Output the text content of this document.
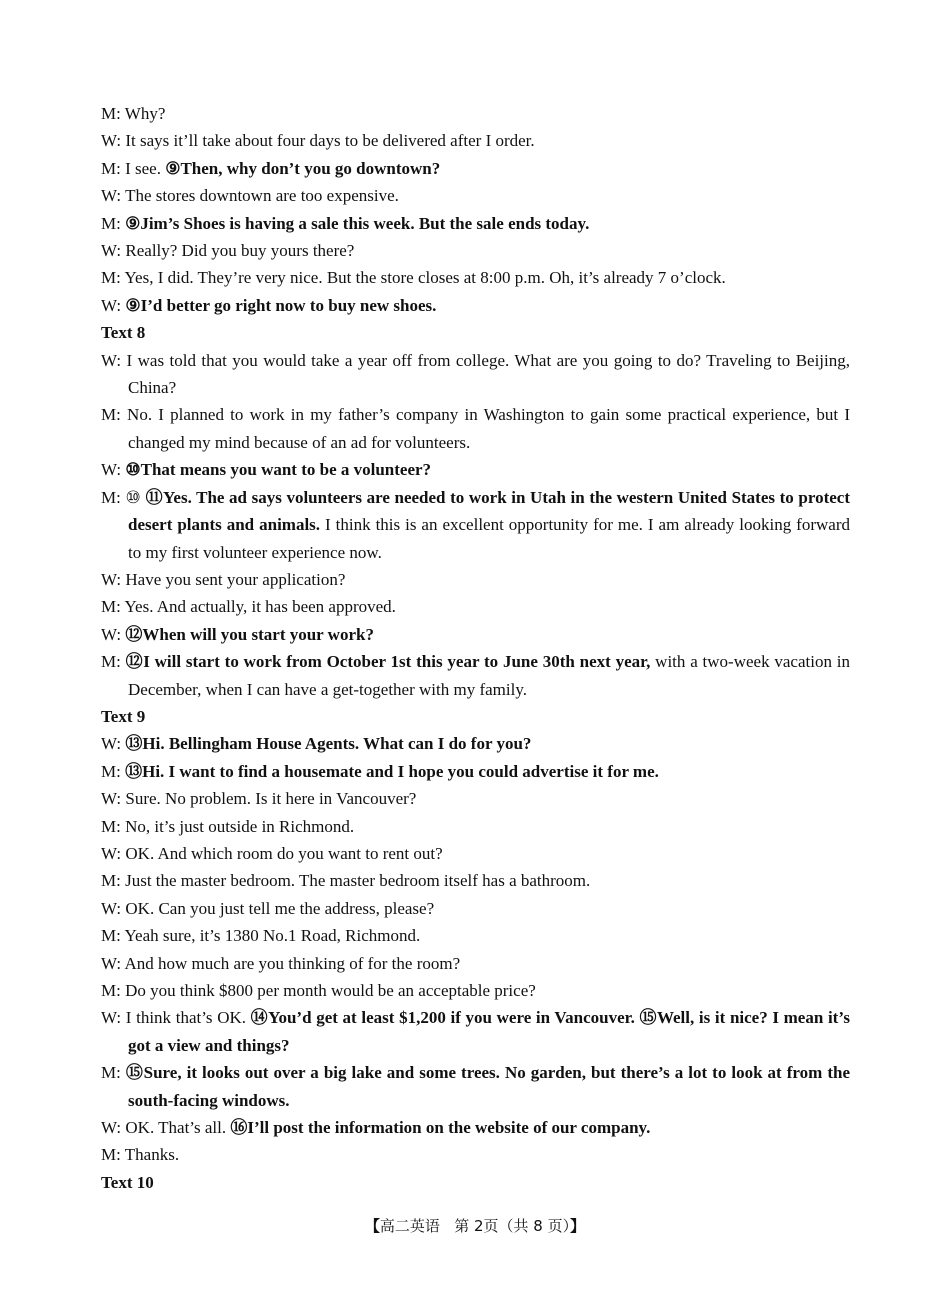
M: Why?
W: It says it’ll take about four days to be delivered after I order.
M: I see. ⑨Then, why don’t you go downtown?
W: The stores downtown are too expensive.
M: ⑨Jim’s Shoes is having a sale this week. But the sale ends today.
W: Really? Did you buy yours there?
M: Yes, I did. They’re very nice. But the store closes at 8:00 p.m. Oh, it’s already 7 o’clock.
W: ⑨I’d better go right now to buy new shoes.
Text 8
W: I was told that you would take a year off from college. What are you going to do? Traveling to Beijing, China?
M: No. I planned to work in my father’s company in Washington to gain some practical experience, but I changed my mind because of an ad for volunteers.
W: ⑩That means you want to be a volunteer?
M: ⑩ ⑪Yes. The ad says volunteers are needed to work in Utah in the western United States to protect desert plants and animals. I think this is an excellent opportunity for me. I am already looking forward to my first volunteer experience now.
W: Have you sent your application?
M: Yes. And actually, it has been approved.
W: ⑫When will you start your work?
M: ⑫I will start to work from October 1st this year to June 30th next year, with a two-week vacation in December, when I can have a get-together with my family.
Text 9
W: ⑬Hi. Bellingham House Agents. What can I do for you?
M: ⑬Hi. I want to find a housemate and I hope you could advertise it for me.
W: Sure. No problem. Is it here in Vancouver?
M: No, it’s just outside in Richmond.
W: OK. And which room do you want to rent out?
M: Just the master bedroom. The master bedroom itself has a bathroom.
W: OK. Can you just tell me the address, please?
M: Yeah sure, it’s 1380 No.1 Road, Richmond.
W: And how much are you thinking of for the room?
M: Do you think $800 per month would be an acceptable price?
W: I think that’s OK. ⑭You’d get at least $1,200 if you were in Vancouver. ⑮Well, is it nice? I mean it’s got a view and things?
M: ⑮Sure, it looks out over a big lake and some trees. No garden, but there’s a lot to look at from the south-facing windows.
W: OK. That’s all. ⑯I’ll post the information on the website of our company.
M: Thanks.
Text 10
【高二英语 第 2页（共 8 页）】
